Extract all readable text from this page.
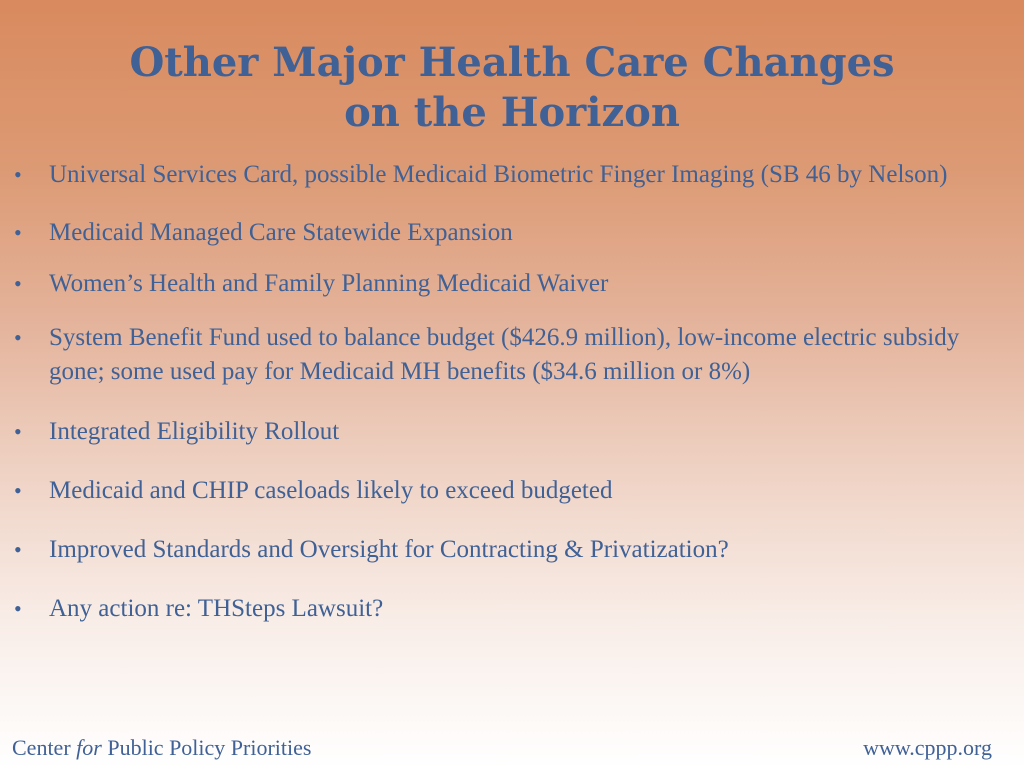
Other Major Health Care Changes
on the Horizon
•	Universal Services Card, possible Medicaid Biometric Finger Imaging (SB 46 by Nelson)
•	Medicaid Managed Care Statewide Expansion
•	Women’s Health and Family Planning Medicaid Waiver
•	System Benefit Fund used to balance budget ($426.9 million), low-income electric subsidy gone; some used pay for Medicaid MH benefits ($34.6 million or 8%)
•	Integrated Eligibility Rollout
•	Medicaid and CHIP caseloads likely to exceed budgeted
•	Improved Standards and Oversight for Contracting & Privatization?
•	Any action re: THSteps Lawsuit?
Center for Public Policy Priorities	www.cppp.org
